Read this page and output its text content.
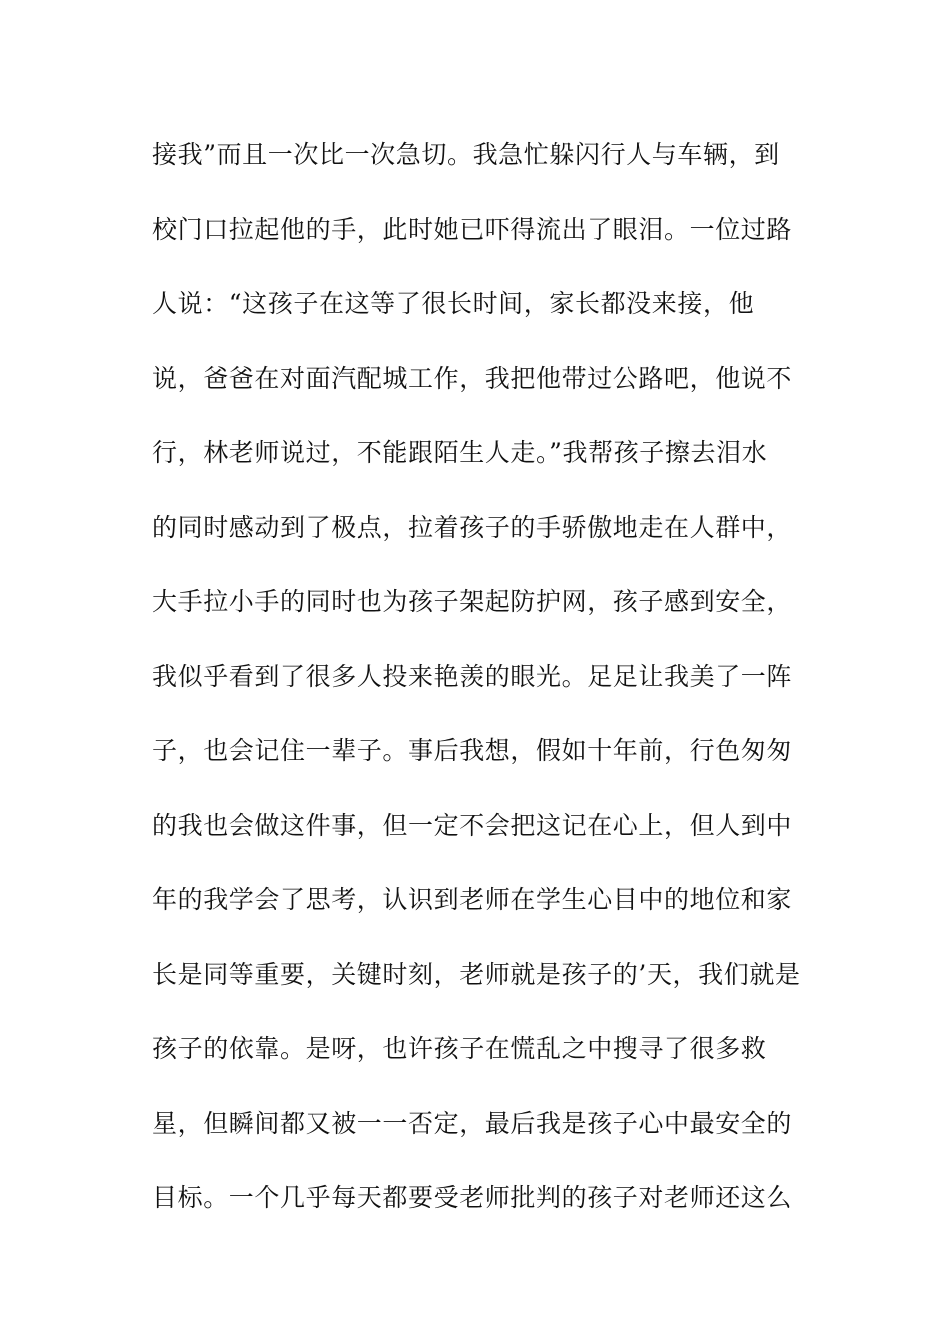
接我”而且一次比一次急切。我急忙躲闪行人与车辆，到
校门口拉起他的手，此时她已吓得流出了眼泪。一位过路
人说：“这孩子在这等了很长时间，家长都没来接，他
说，爸爸在对面汽配城工作，我把他带过公路吧，他说不
行，林老师说过，不能跟陌生人走。”我帮孩子擦去泪水
的同时感动到了极点，拉着孩子的手骄傲地走在人群中，
大手拉小手的同时也为孩子架起防护网，孩子感到安全，
我似乎看到了很多人投来艳羡的眼光。足足让我美了一阵
子，也会记住一辈子。事后我想，假如十年前，行色匆匆
的我也会做这件事，但一定不会把这记在心上，但人到中
年的我学会了思考，认识到老师在学生心目中的地位和家
长是同等重要，关键时刻，老师就是孩子的’天，我们就是
孩子的依靠。是呀，也许孩子在慌乱之中搜寻了很多救
星，但瞬间都又被一一否定，最后我是孩子心中最安全的
目标。一个几乎每天都要受老师批判的孩子对老师还这么
